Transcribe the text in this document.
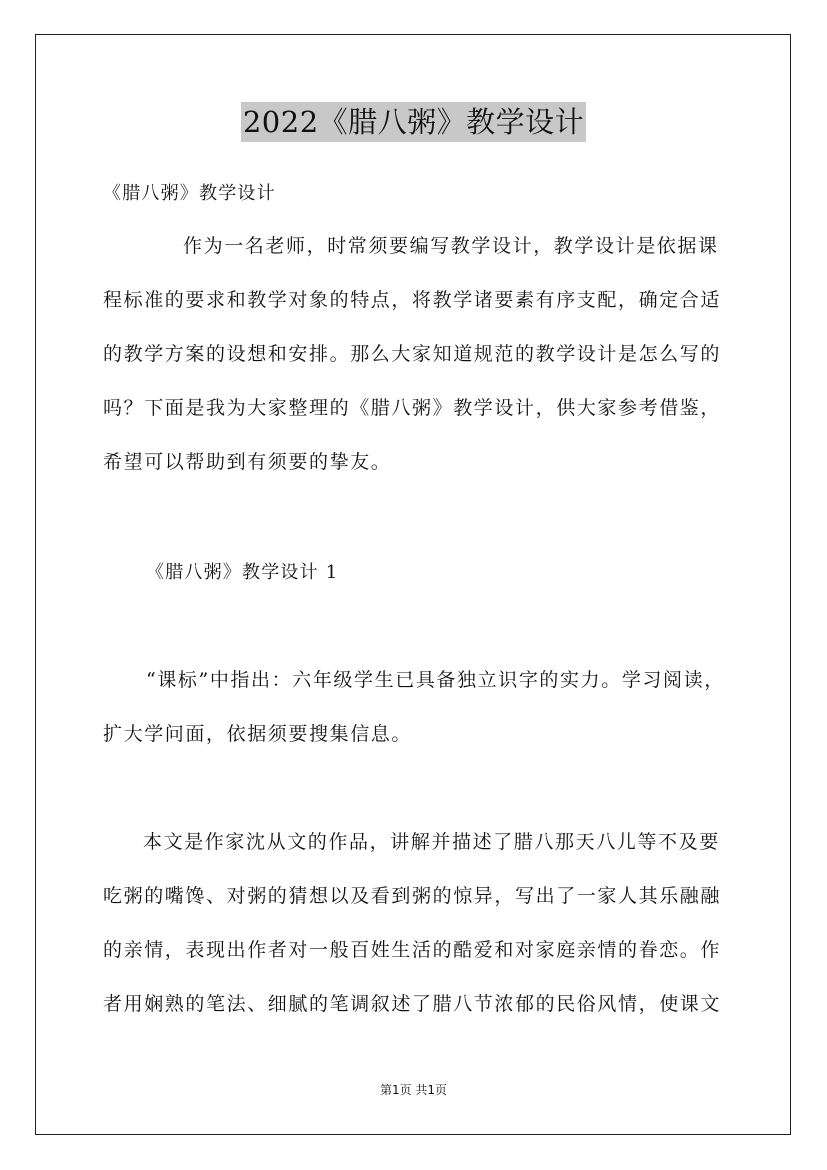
2022《腊八粥》教学设计
《腊八粥》教学设计
作为一名老师，时常须要编写教学设计，教学设计是依据课
程标准的要求和教学对象的特点，将教学诸要素有序支配，确定合适
的教学方案的设想和安排。那么大家知道规范的教学设计是怎么写的
吗？下面是我为大家整理的《腊八粥》教学设计，供大家参考借鉴，
希望可以帮助到有须要的挚友。
《腊八粥》教学设计 1
“课标”中指出：六年级学生已具备独立识字的实力。学习阅读，
扩大学问面，依据须要搜集信息。
本文是作家沈从文的作品，讲解并描述了腊八那天八儿等不及要
吃粥的嘴馋、对粥的猜想以及看到粥的惊异，写出了一家人其乐融融
的亲情，表现出作者对一般百姓生活的酷爱和对家庭亲情的眷恋。作
者用娴熟的笔法、细腻的笔调叙述了腊八节浓郁的民俗风情，使课文
第1页 共1页
